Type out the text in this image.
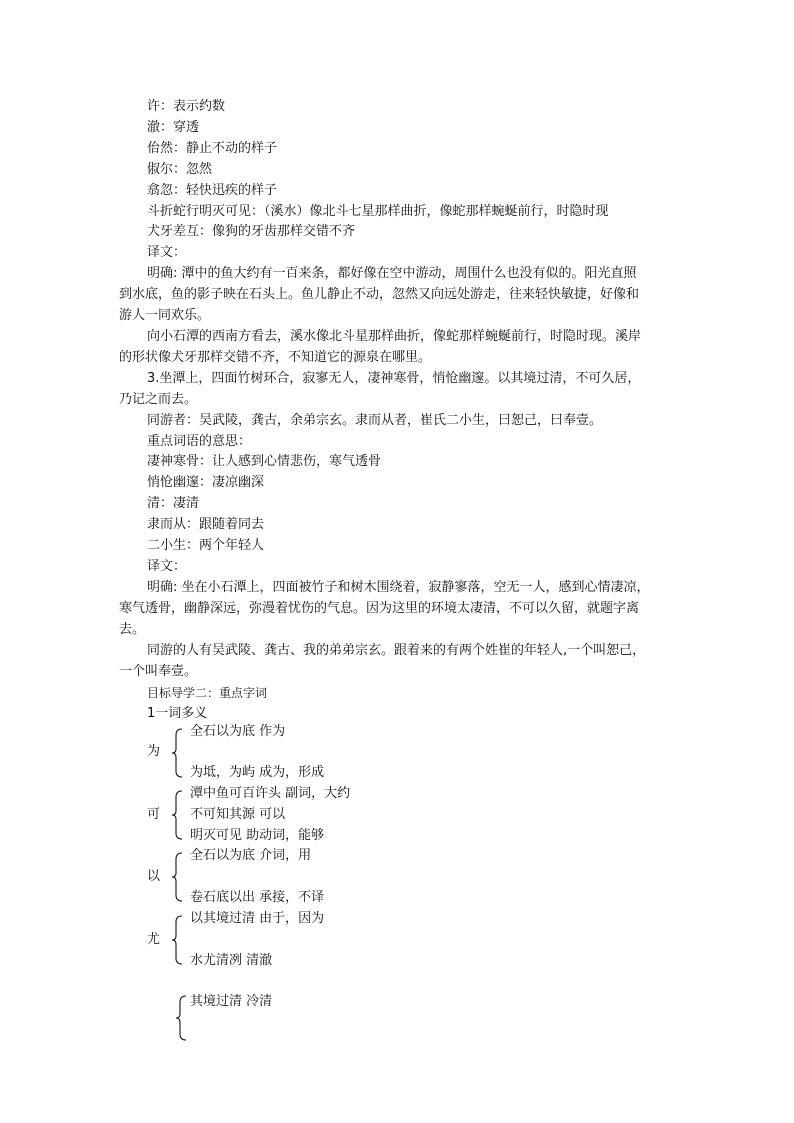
许：表示约数
澈：穿透
佁然：静止不动的样子
俶尔：忽然
翕忽：轻快迅疾的样子
斗折蛇行明灭可见：（溪水）像北斗七星那样曲折，像蛇那样蜿蜒前行，时隐时现
犬牙差互：像狗的牙齿那样交错不齐
译文：
明确: 潭中的鱼大约有一百来条，都好像在空中游动，周围什么也没有似的。阳光直照
到水底，鱼的影子映在石头上。鱼儿静止不动，忽然又向远处游走，往来轻快敏捷，好像和
游人一同欢乐。
向小石潭的西南方看去，溪水像北斗星那样曲折，像蛇那样蜿蜒前行，时隐时现。溪岸
的形状像犬牙那样交错不齐，不知道它的源泉在哪里。
3.坐潭上，四面竹树环合，寂寥无人，凄神寒骨，悄怆幽邃。以其境过清，不可久居，
乃记之而去。
同游者：吴武陵，龚古，余弟宗玄。隶而从者，崔氏二小生，曰恕己，曰奉壹。
重点词语的意思：
凄神寒骨：让人感到心情悲伤，寒气透骨
悄怆幽邃：凄凉幽深
清：凄清
隶而从：跟随着同去
二小生：两个年轻人
译文：
明确: 坐在小石潭上，四面被竹子和树木围绕着，寂静寥落，空无一人，感到心情凄凉，
寒气透骨，幽静深远，弥漫着忧伤的气息。因为这里的环境太凄清，不可以久留，就题字离
去。
同游的人有吴武陵、龚古、我的弟弟宗玄。跟着来的有两个姓崔的年轻人,一个叫恕己，
一个叫奉壹。
目标导学二：重点字词
1一词多义
为
全石以为底 作为
为坻，为屿 成为，形成
可
潭中鱼可百许头 副词，大约
不可知其源 可以
明灭可见 助动词，能够
以
全石以为底 介词，用
卷石底以出 承接，不译
尤
以其境过清 由于，因为
水尤清冽 清澈
其境过清 冷清
